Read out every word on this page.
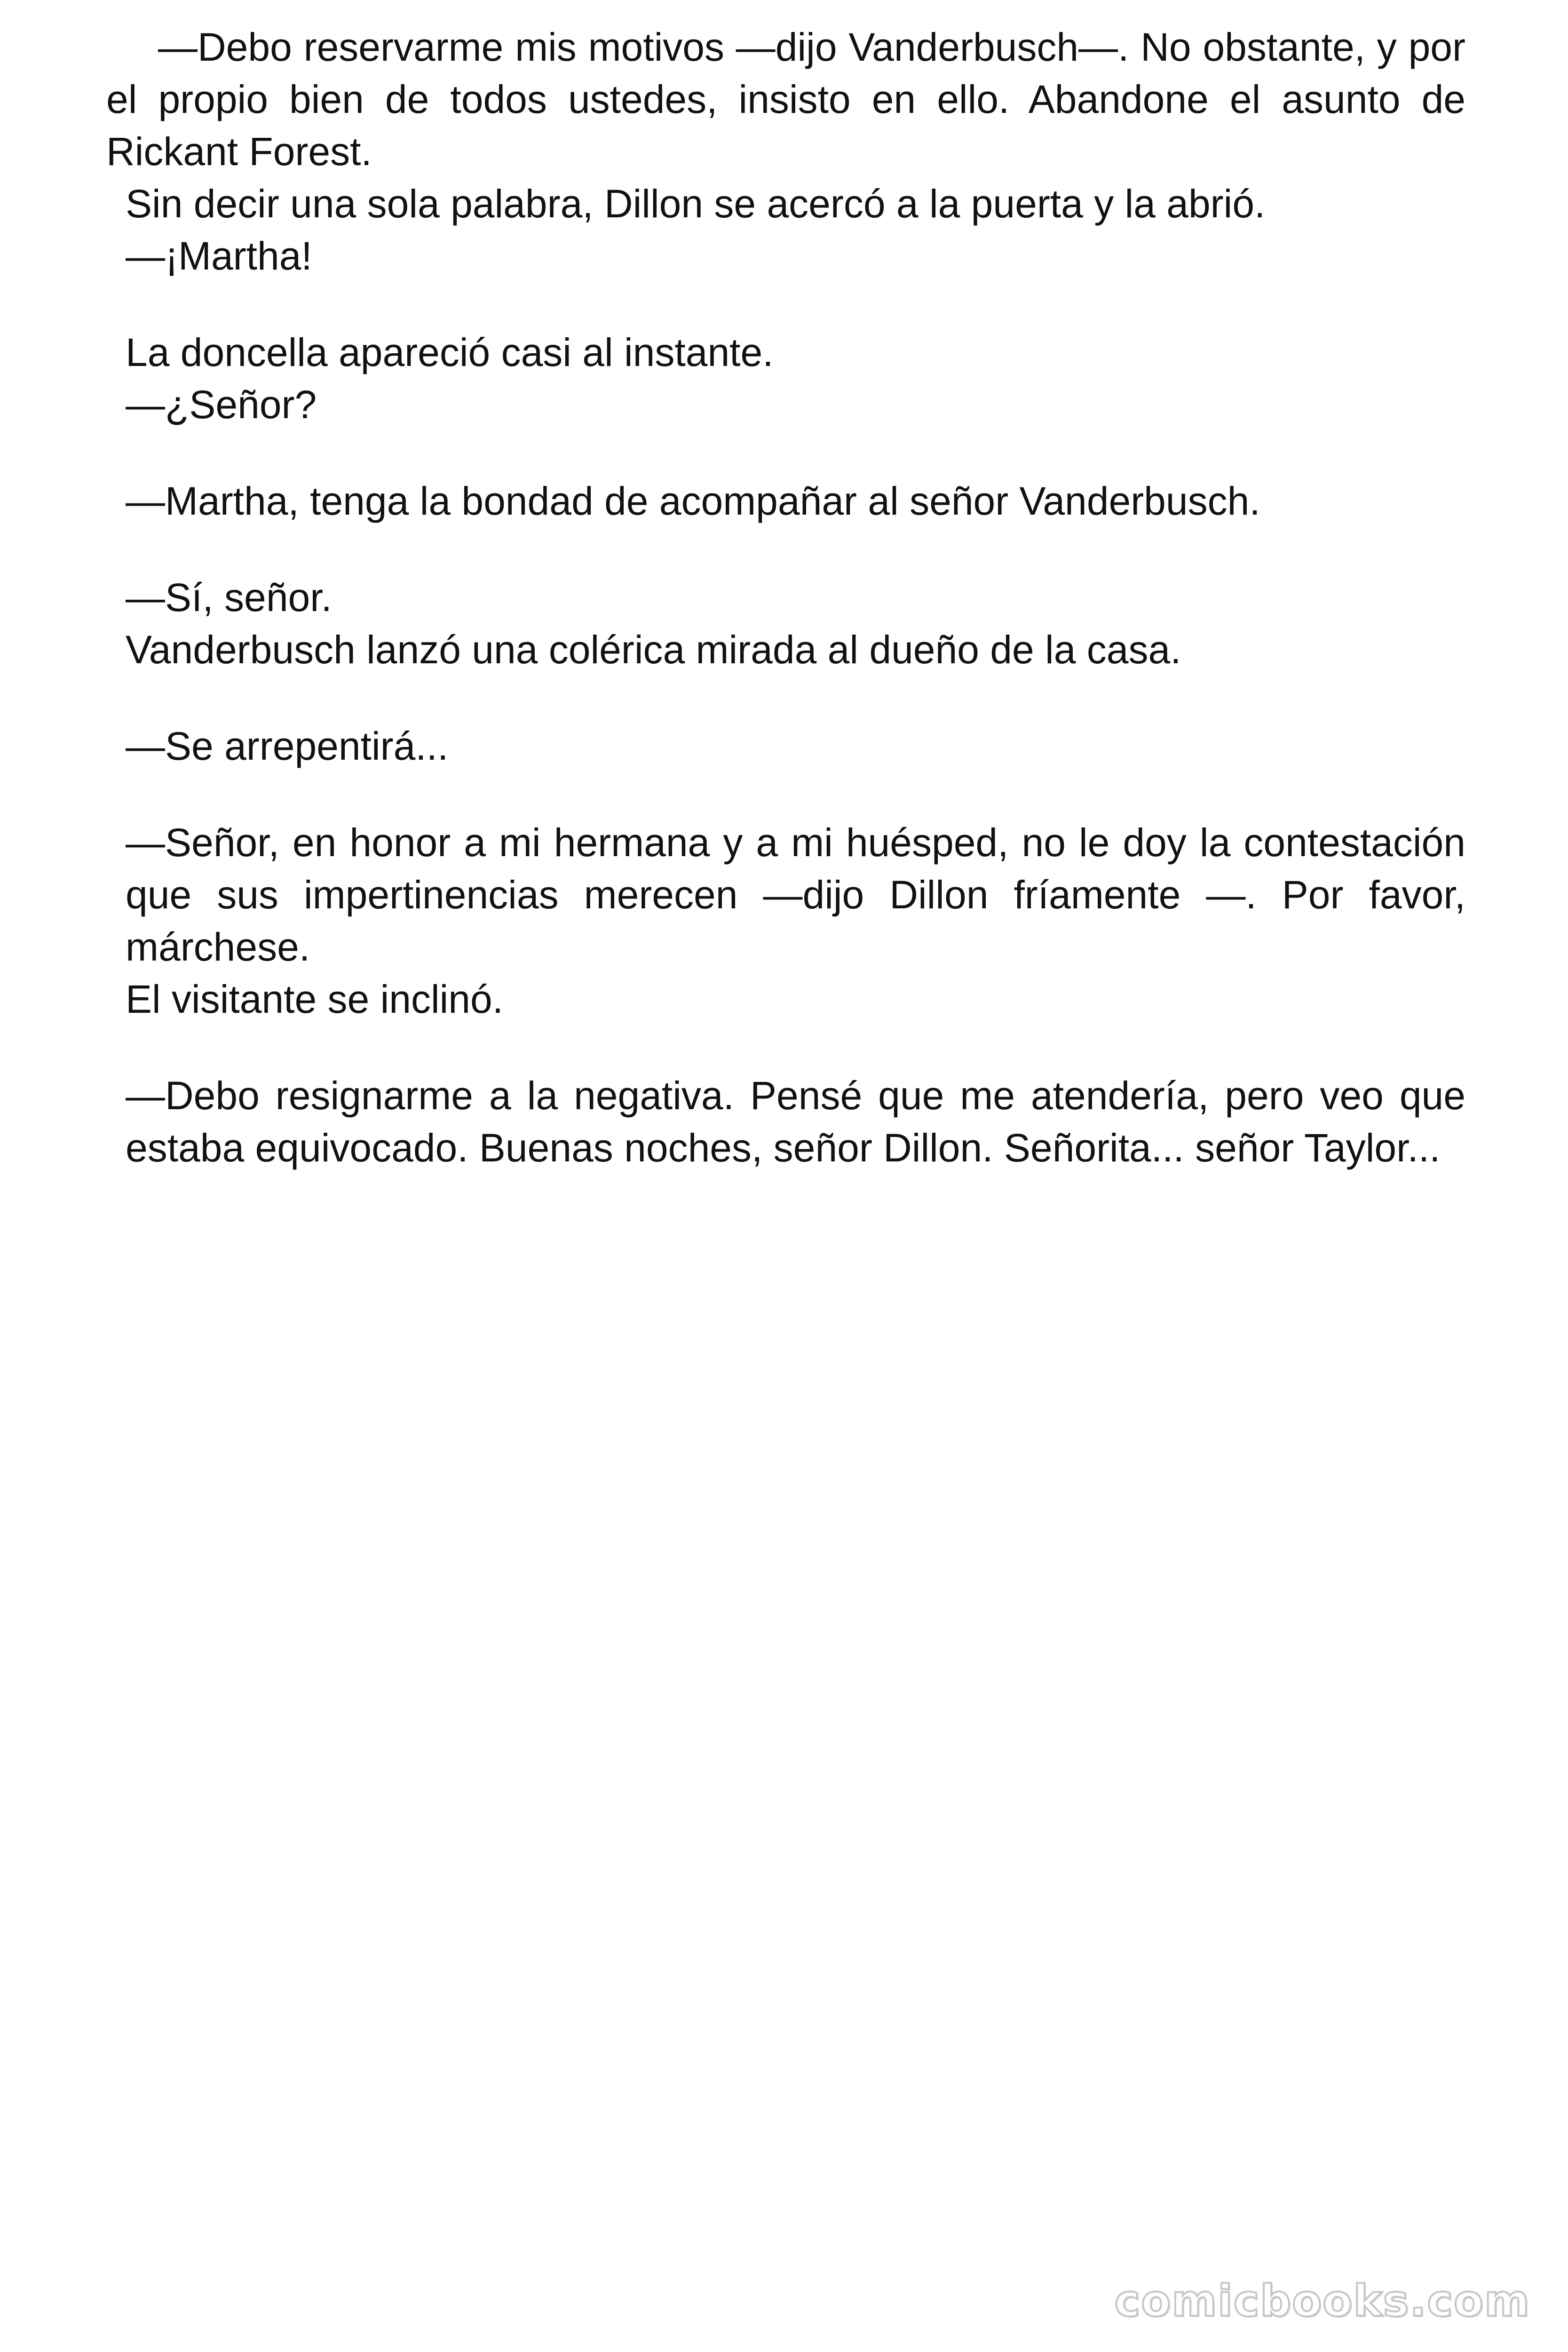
—Debo reservarme mis motivos —dijo Vanderbusch—. No obstante, y por el propio bien de todos ustedes, insisto en ello. Abandone el asunto de Rickant Forest.

Sin decir una sola palabra, Dillon se acercó a la puerta y la abrió.

—¡Martha!

La doncella apareció casi al instante.

—¿Señor?

—Martha, tenga la bondad de acompañar al señor Vanderbusch.

—Sí, señor.

Vanderbusch lanzó una colérica mirada al dueño de la casa.

—Se arrepentirá...

—Señor, en honor a mi hermana y a mi huésped, no le doy la contestación que sus impertinencias merecen —dijo Dillon fríamente —. Por favor, márchese.

El visitante se inclinó.

—Debo resignarme a la negativa. Pensé que me atendería, pero veo que estaba equivocado. Buenas noches, señor Dillon. Señorita... señor Taylor...

comicbooks.com
